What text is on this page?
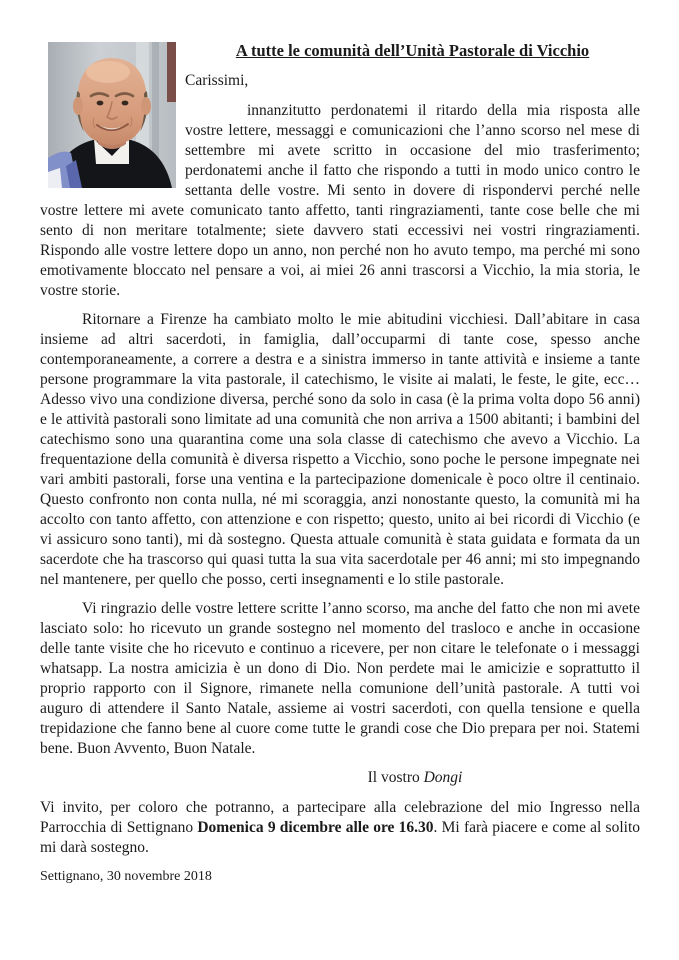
A tutte le comunità dell’Unità Pastorale di Vicchio

Carissimi,

innanzitutto perdonatemi il ritardo della mia risposta alle vostre lettere, messaggi e comunicazioni che l’anno scorso nel mese di settembre mi avete scritto in occasione del mio trasferimento; perdonatemi anche il fatto che rispondo a tutti in modo unico contro le settanta delle vostre. Mi sento in dovere di rispondervi perché nelle vostre lettere mi avete comunicato tanto affetto, tanti ringraziamenti, tante cose belle che mi sento di non meritare totalmente; siete davvero stati eccessivi nei vostri ringraziamenti. Rispondo alle vostre lettere dopo un anno, non perché non ho avuto tempo, ma perché mi sono emotivamente bloccato nel pensare a voi, ai miei 26 anni trascorsi a Vicchio, la mia storia, le vostre storie.

Ritornare a Firenze ha cambiato molto le mie abitudini vicchiesi. Dall’abitare in casa insieme ad altri sacerdoti, in famiglia, dall’occuparmi di tante cose, spesso anche contemporaneamente, a correre a destra e a sinistra immerso in tante attività e insieme a tante persone programmare la vita pastorale, il catechismo, le visite ai malati, le feste, le gite, ecc… Adesso vivo una condizione diversa, perché sono da solo in casa (è la prima volta dopo 56 anni) e le attività pastorali sono limitate ad una comunità che non arriva a 1500 abitanti; i bambini del catechismo sono una quarantina come una sola classe di catechismo che avevo a Vicchio. La frequentazione della comunità è diversa rispetto a Vicchio, sono poche le persone impegnate nei vari ambiti pastorali, forse una ventina e la partecipazione domenicale è poco oltre il centinaio. Questo confronto non conta nulla, né mi scoraggia, anzi nonostante questo, la comunità mi ha accolto con tanto affetto, con attenzione e con rispetto; questo, unito ai bei ricordi di Vicchio (e vi assicuro sono tanti), mi dà sostegno. Questa attuale comunità è stata guidata e formata da un sacerdote che ha trascorso qui quasi tutta la sua vita sacerdotale per 46 anni; mi sto impegnando nel mantenere, per quello che posso, certi insegnamenti e lo stile pastorale.

Vi ringrazio delle vostre lettere scritte l’anno scorso, ma anche del fatto che non mi avete lasciato solo: ho ricevuto un grande sostegno nel momento del trasloco e anche in occasione delle tante visite che ho ricevuto e continuo a ricevere, per non citare le telefonate o i messaggi whatsapp. La nostra amicizia è un dono di Dio. Non perdete mai le amicizie e soprattutto il proprio rapporto con il Signore, rimanete nella comunione dell’unità pastorale. A tutti voi auguro di attendere il Santo Natale, assieme ai vostri sacerdoti, con quella tensione e quella trepidazione che fanno bene al cuore come tutte le grandi cose che Dio prepara per noi. Statemi bene. Buon Avvento, Buon Natale.

Il vostro Dongi

Vi invito, per coloro che potranno, a partecipare alla celebrazione del mio Ingresso nella Parrocchia di Settignano Domenica 9 dicembre alle ore 16.30. Mi farà piacere e come al solito mi darà sostegno.

Settignano, 30 novembre 2018
